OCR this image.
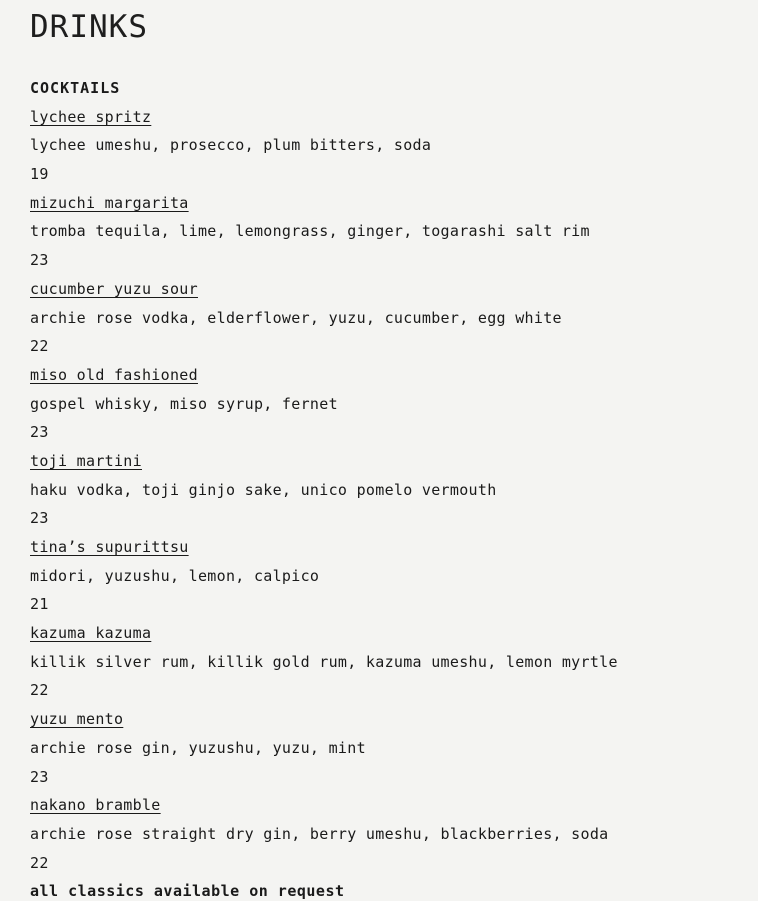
DRINKS
COCKTAILS
lychee spritz
lychee umeshu, prosecco, plum bitters, soda
19
mizuchi margarita
tromba tequila, lime, lemongrass, ginger, togarashi salt rim
23
cucumber yuzu sour
archie rose vodka, elderflower, yuzu, cucumber, egg white
22
miso old fashioned
gospel whisky, miso syrup, fernet
23
toji martini
haku vodka, toji ginjo sake, unico pomelo vermouth
23
tina’s supurittsu
midori, yuzushu, lemon, calpico
21
kazuma kazuma
killik silver rum, killik gold rum, kazuma umeshu, lemon myrtle
22
yuzu mento
archie rose gin, yuzushu, yuzu, mint
23
nakano bramble
archie rose straight dry gin, berry umeshu, blackberries, soda
22

all classics available on request
